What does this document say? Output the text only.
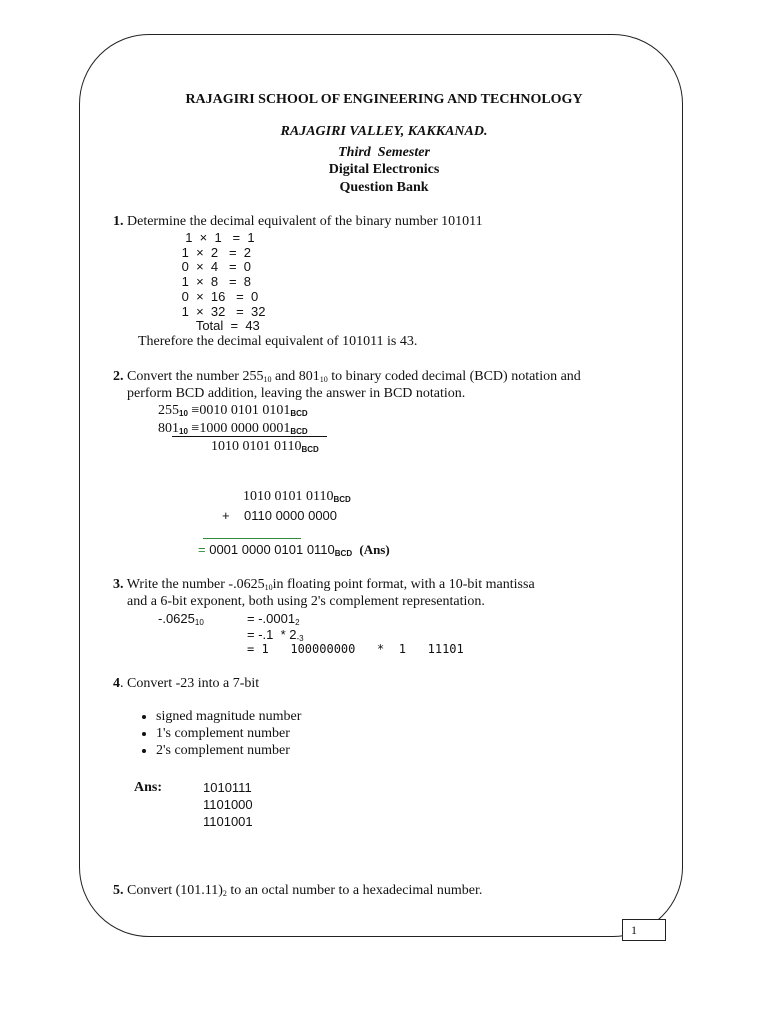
RAJAGIRI SCHOOL OF ENGINEERING AND TECHNOLOGY
RAJAGIRI VALLEY, KAKKANAD.
Third  Semester
Digital Electronics
Question Bank
1. Determine the decimal equivalent of the binary number 101011
1  ×  1   =  1
1  ×  2   =  2
0  ×  4   =  0
1  ×  8   =  8
0  ×  16   =  0
1  ×  32   =  32
Total  =  43
Therefore the decimal equivalent of 101011 is 43.
2. Convert the number $255_{10}$ and $801_{10}$ to binary coded decimal (BCD) notation and
perform BCD addition, leaving the answer in BCD notation.
$255_{10} \equiv 0010$ 0101 $0101_{BCD}$
$801_{10} \equiv 1000$ 0000 $0001_{BCD}$
1010 0101 $0110_{BCD}$
1010 0101 $0110_{BCD}$
+ 0110 0000 0000
= 0001 0000 0101 $0110_{BCD}$ (Ans)
3. Write the number $-.0625_{10}in$ floating point format, with a 10-bit mantissa
and a 6-bit exponent, both using 2's complement representation.
$-.0625_{10}$	= $-.0001_2$
= $-.1 * 2_{-3}$
= 1   100000000   *  1   11101
4. Convert -23 into a 7-bit
• signed magnitude number
• 1's complement number
• 2's complement number
Ans:	1010111
1101000
1101001
5. Convert $(101.11)_2$ to an octal number to a hexadecimal number.
1
